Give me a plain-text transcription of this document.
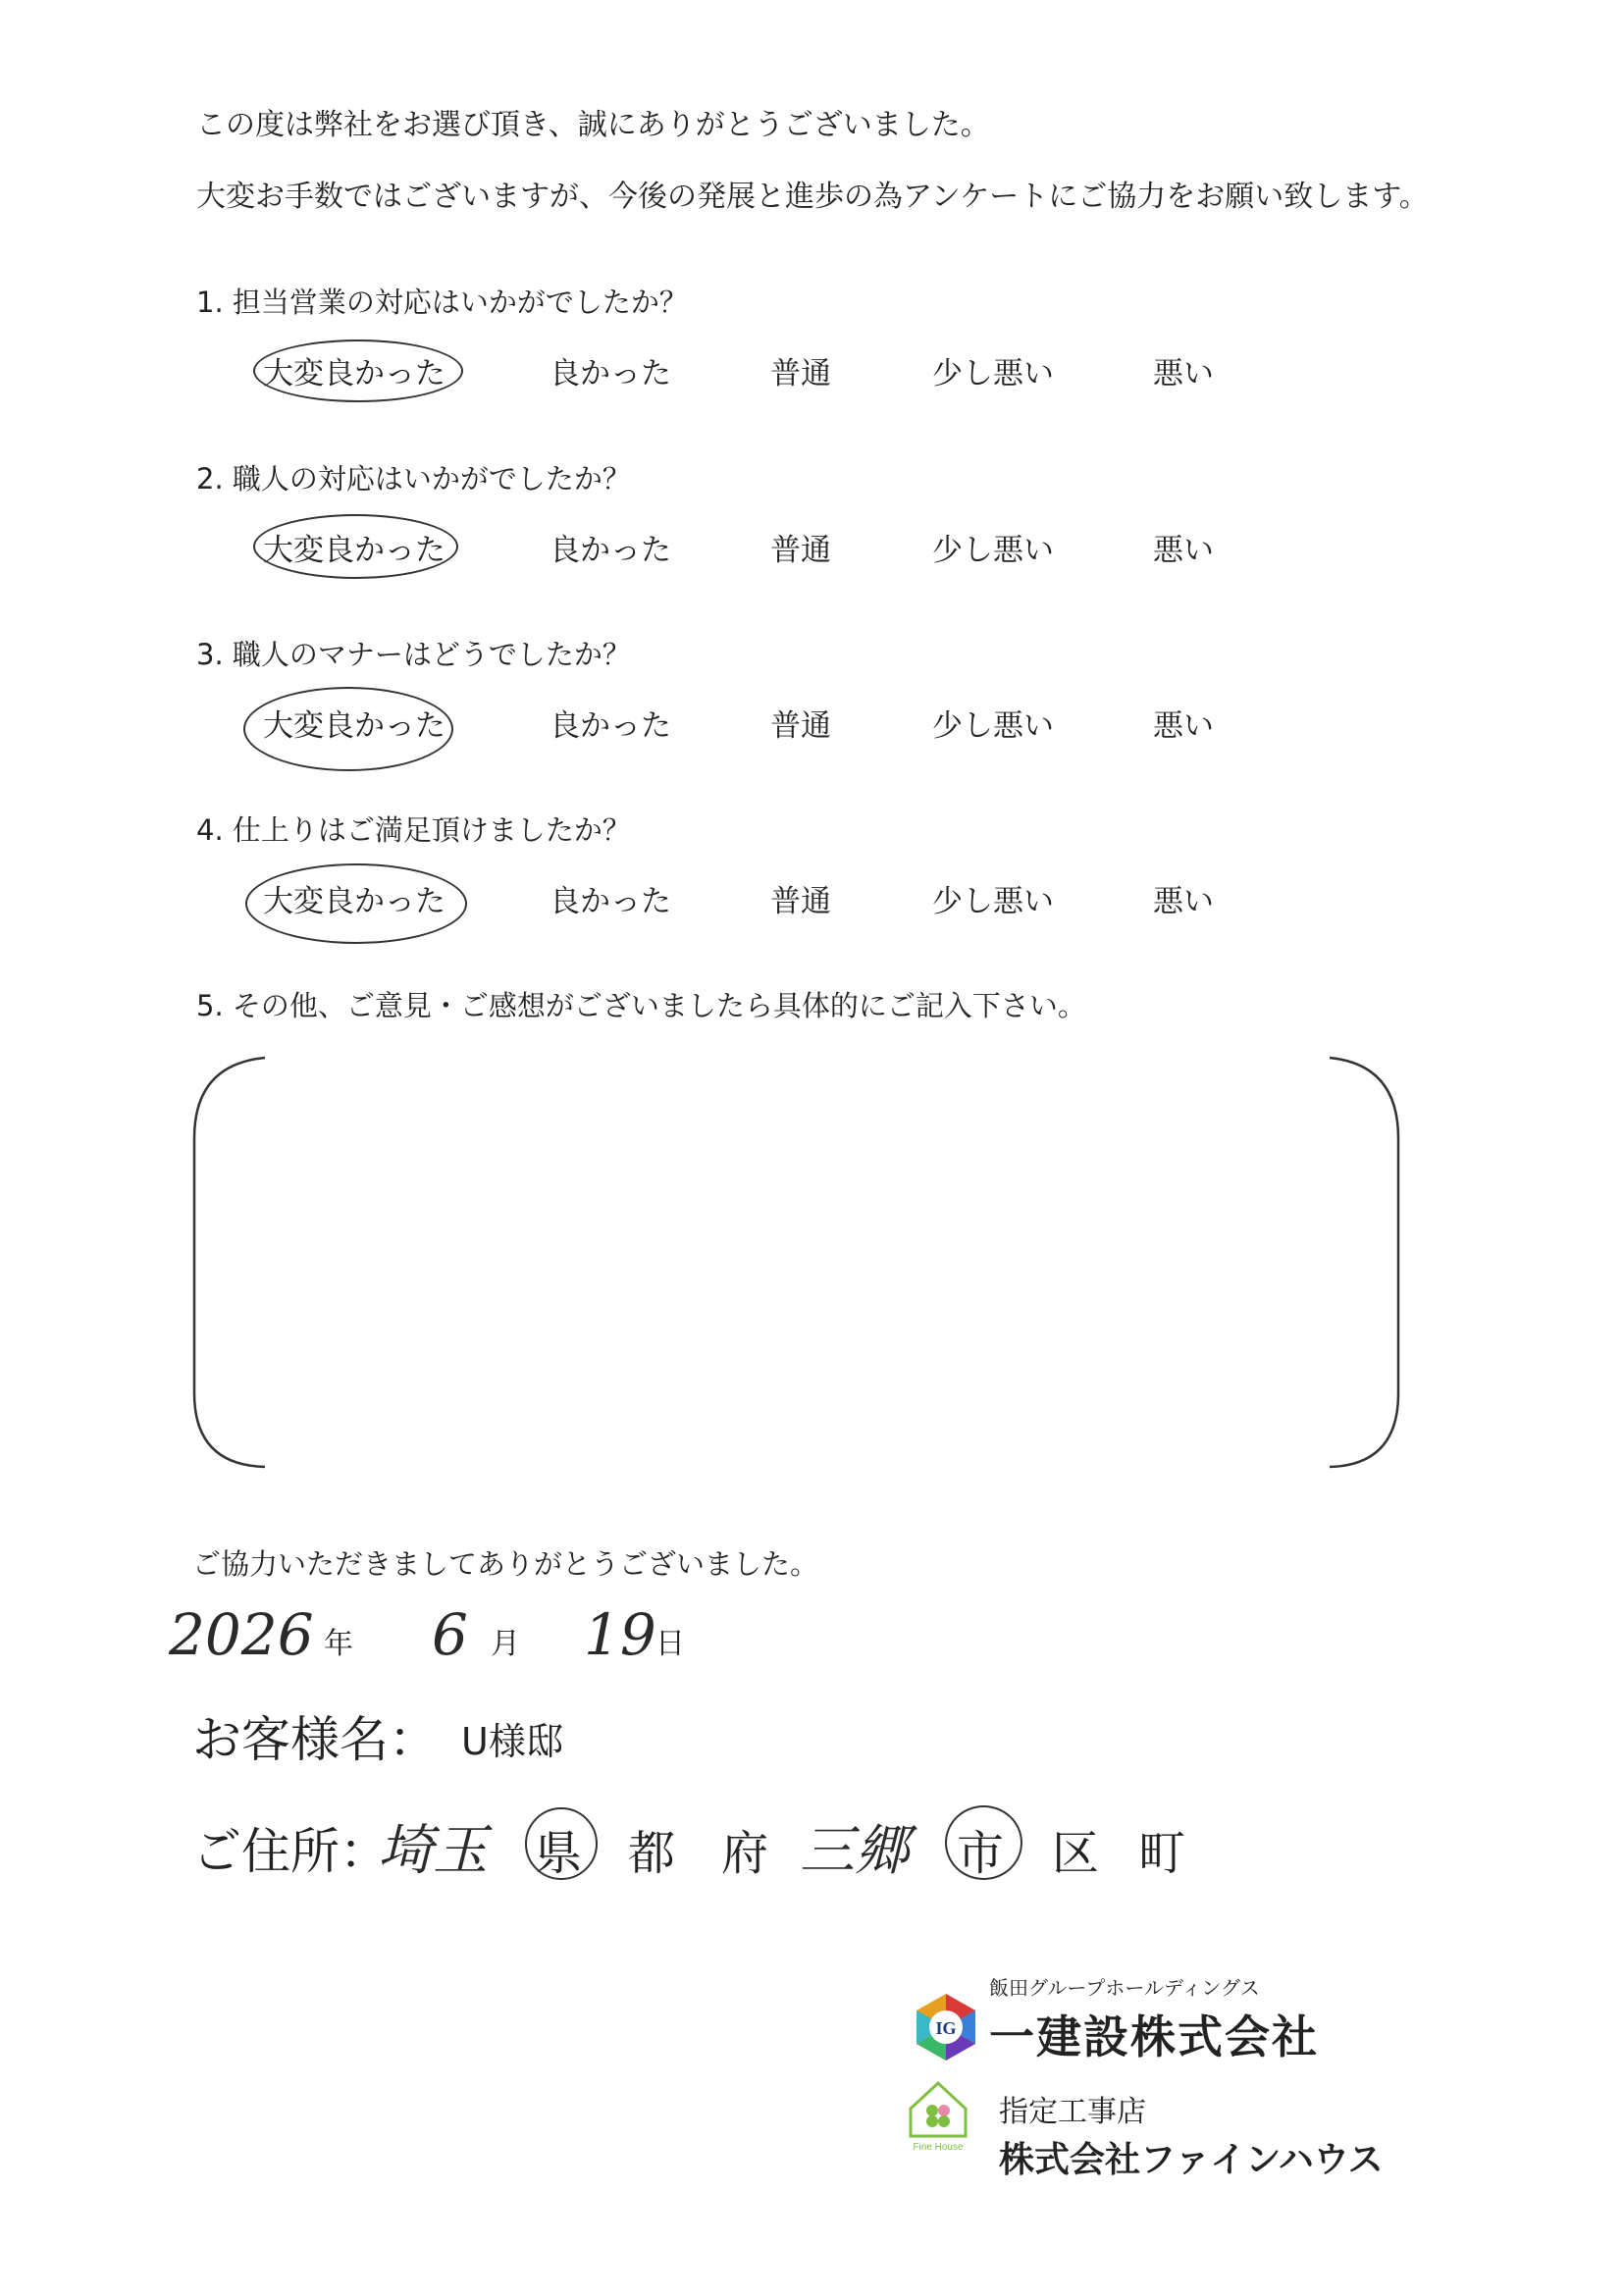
この度は弊社をお選び頂き、誠にありがとうございました。
大変お手数ではございますが、今後の発展と進歩の為アンケートにご協力をお願い致します。
1. 担当営業の対応はいかがでしたか？
大変良かった	良かった	普通	少し悪い	悪い
2. 職人の対応はいかがでしたか？
大変良かった	良かった	普通	少し悪い	悪い
3. 職人のマナーはどうでしたか？
大変良かった	良かった	普通	少し悪い	悪い
4. 仕上りはご満足頂けましたか？
大変良かった	良かった	普通	少し悪い	悪い
5. その他、ご意見・ご感想がございましたら具体的にご記入下さい。
ご協力いただきましてありがとうございました。
2026 年 6 月 19 日
お客様名： U様邸
ご住所：
埼玉 県 都 府 三郷 市 区 町
飯田グループホールディングス
IG 一建設株式会社
Fine House
指定工事店
株式会社ファインハウス
